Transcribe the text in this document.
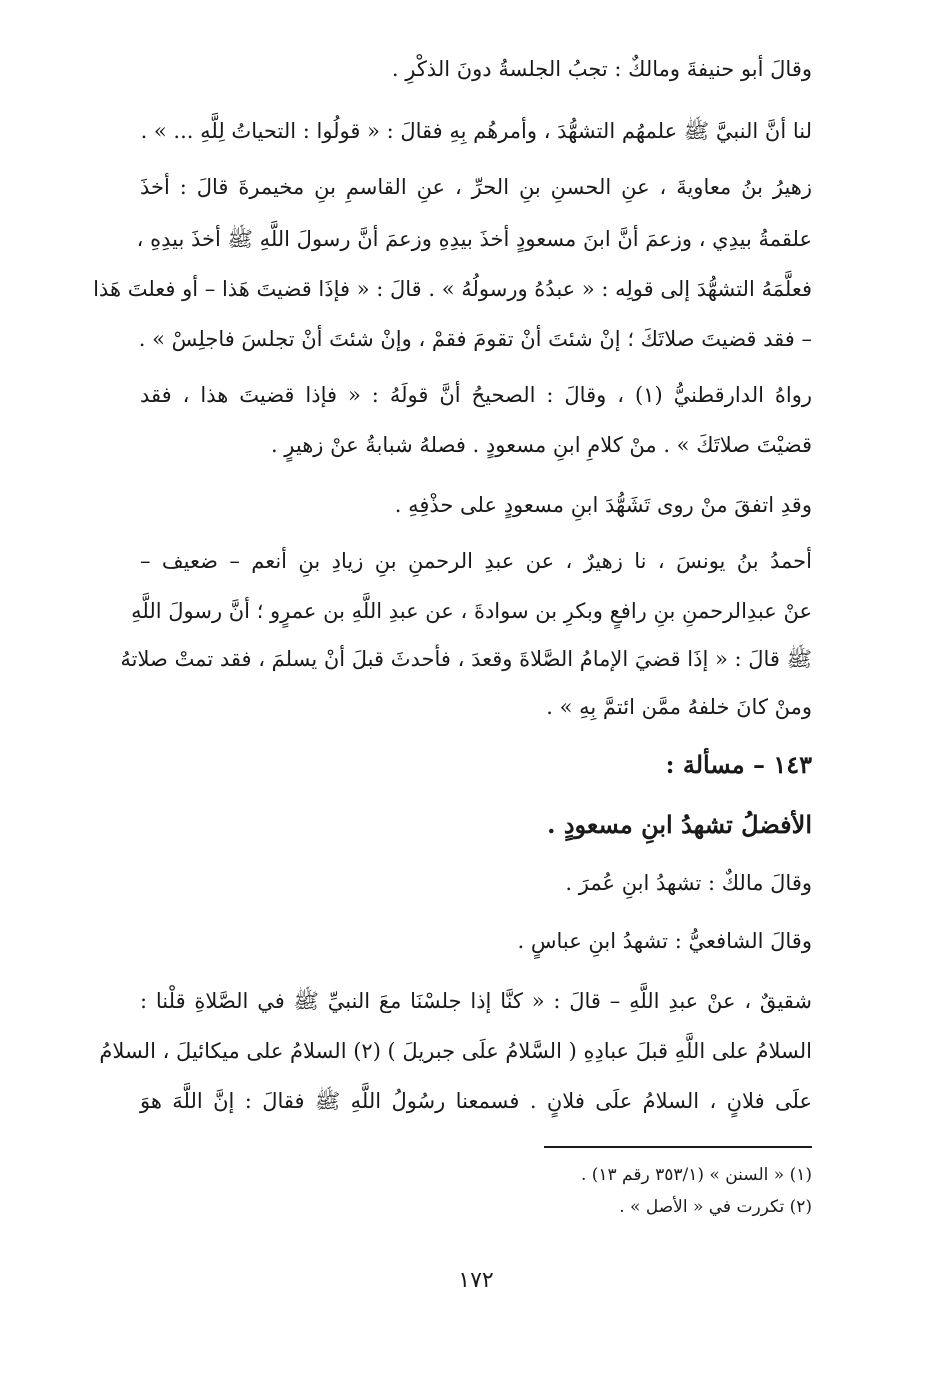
وقالَ أبو حنيفةَ ومالكٌ : تجبُ الجلسةُ دونَ الذكْرِ .
لنا أنَّ النبيَّ ﷺ علمهُم التشهُّدَ ، وأمرهُم بِهِ فقالَ : « قولُوا : التحياتُ لِلَّهِ ... » .
زهيرُ بنُ معاويةَ ، عنِ الحسنِ بنِ الحرِّ ، عنِ القاسمِ بنِ مخيمرةَ قالَ : أخذَ
علقمةُ بيدِي ، وزعمَ أنَّ ابنَ مسعودٍ أخذَ بيدِهِ وزعمَ أنَّ رسولَ اللَّهِ ﷺ أخذَ بيدِهِ ،
فعلَّمَهُ التشهُّدَ إلى قولِه : « عبدُهُ ورسولُهُ » . قالَ : « فإذَا قضيتَ هَذا – أو فعلتَ هَذا
– فقد قضيتَ صلاتَكَ ؛ إنْ شئتَ أنْ تقومَ فقمْ ، وإنْ شئتَ أنْ تجلسَ فاجلِسْ » .
رواهُ الدارقطنيُّ (١) ، وقالَ : الصحيحُ أنَّ قولَهُ : « فإذا قضيتَ هذا ، فقد
قضيْتَ صلاتَكَ » . منْ كلامِ ابنِ مسعودٍ . فصلهُ شبابةُ عنْ زهيرٍ .
وقدِ اتفقَ منْ روى تَشَهُّدَ ابنِ مسعودٍ على حذْفِهِ .
أحمدُ بنُ يونسَ ، نا زهيرٌ ، عن عبدِ الرحمنِ بنِ زيادِ بنِ أنعم – ضعيف –
عنْ عبدِالرحمنِ بنِ رافعٍ وبكرِ بن سوادةَ ، عن عبدِ اللَّهِ بن عمرٍو ؛ أنَّ رسولَ اللَّهِ
ﷺ قالَ : « إذَا قضيَ الإمامُ الصَّلاةَ وقعدَ ، فأحدثَ قبلَ أنْ يسلمَ ، فقد تمتْ صلاتهُ
ومنْ كانَ خلفهُ ممَّن ائتمَّ بِهِ » .
١٤٣ – مسألة :
الأفضلُ تشهدُ ابنِ مسعودٍ .
وقالَ مالكٌ : تشهدُ ابنِ عُمرَ .
وقالَ الشافعيُّ : تشهدُ ابنِ عباسٍ .
شقيقٌ ، عنْ عبدِ اللَّهِ – قالَ : « كنَّا إذا جلسْنَا معَ النبيِّ ﷺ في الصَّلاةِ قلْنا :
السلامُ على اللَّهِ قبلَ عبادِهِ ( السَّلامُ علَى جبريلَ ) (٢) السلامُ على ميكائيلَ ، السلامُ
علَى فلانٍ ، السلامُ علَى فلانٍ . فسمعنا رسُولُ اللَّهِ ﷺ فقالَ : إنَّ اللَّهَ هوَ
(١) « السنن » (٣٥٣/١ رقم ١٣) .
(٢) تكررت في « الأصل » .
١٧٢
